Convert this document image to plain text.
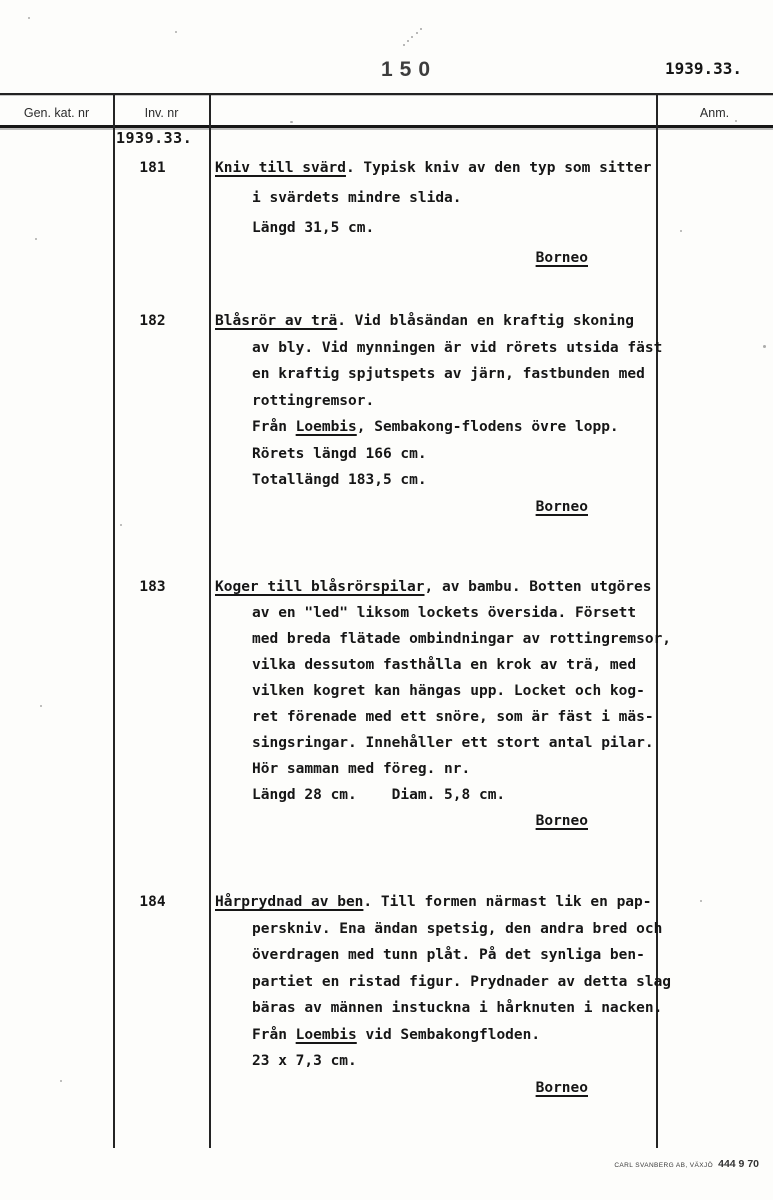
150	1939.33.
Gen. kat. nr	Inv. nr	Anm.
1939.33.
181	Kniv till svärd. Typisk kniv av den typ som sitter
i svärdets mindre slida.
Längd 31,5 cm.
Borneo
182	Blåsrör av trä. Vid blåsändan en kraftig skoning
av bly. Vid mynningen är vid rörets utsida fäst
en kraftig spjutspets av järn, fastbunden med
rottingremsor.
Från Loembis, Sembakong-flodens övre lopp.
Rörets längd 166 cm.
Totallängd 183,5 cm.
Borneo
183	Koger till blåsrörspilar, av bambu. Botten utgöres
av en "led" liksom lockets översida. Försett
med breda flätade ombindningar av rottingremsor,
vilka dessutom fasthålla en krok av trä, med
vilken kogret kan hängas upp. Locket och kog-
ret förenade med ett snöre, som är fäst i mäs-
singsringar. Innehåller ett stort antal pilar.
Hör samman med föreg. nr.
Längd 28 cm.    Diam. 5,8 cm.
Borneo
184	Hårprydnad av ben. Till formen närmast lik en pap-
perskniv. Ena ändan spetsig, den andra bred och
överdragen med tunn plåt. På det synliga ben-
partiet en ristad figur. Prydnader av detta slag
bäras av männen instuckna i hårknuten i nacken.
Från Loembis vid Sembakongfloden.
23 x 7,3 cm.
Borneo
CARL SVANBERG AB, VÄXJÖ 444 9 70
